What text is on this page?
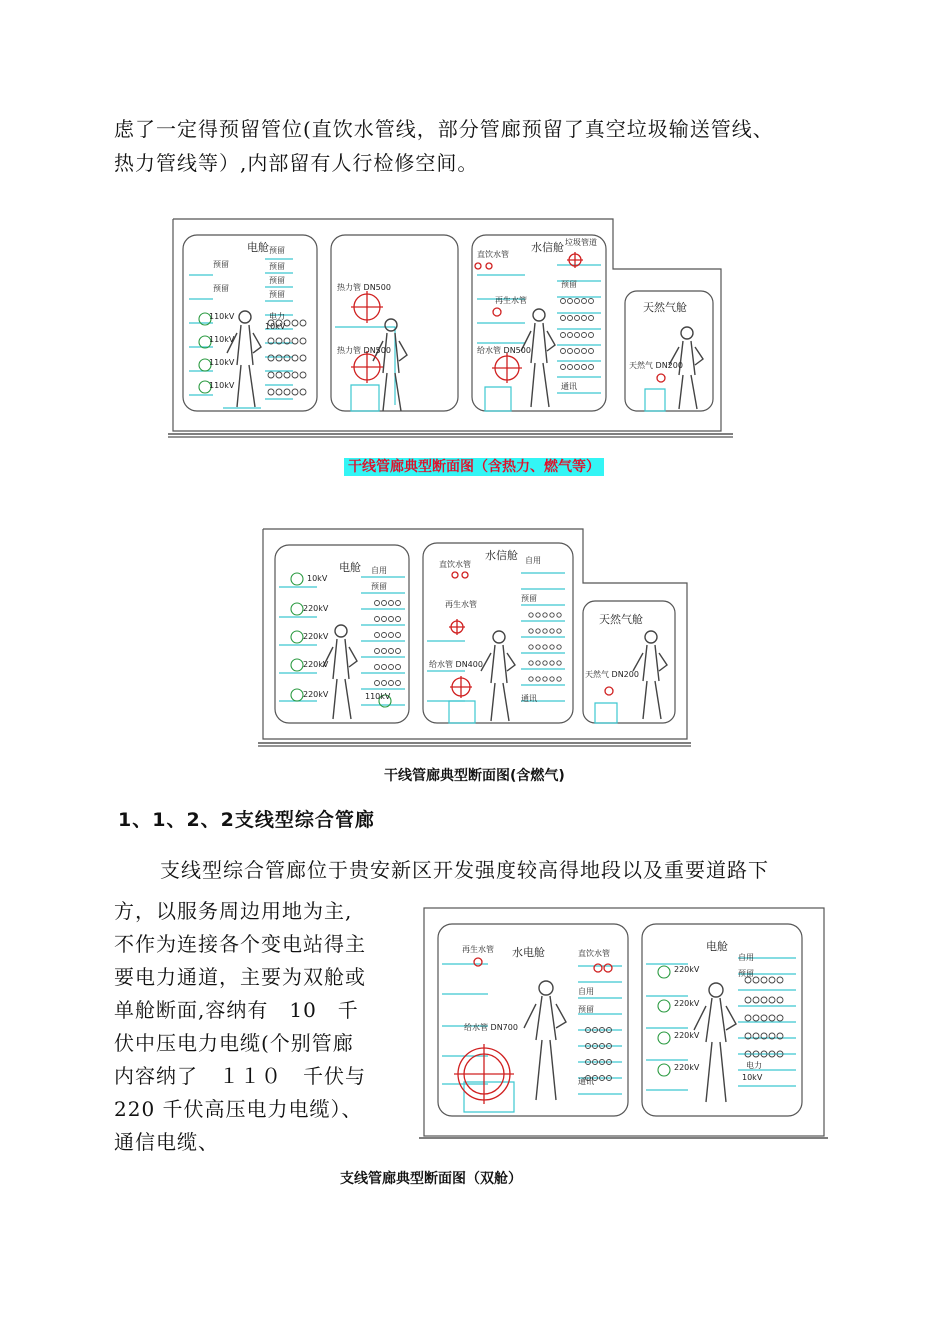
虑了一定得预留管位(直饮水管线，部分管廊预留了真空垃圾输送管线、
热力管线等）,内部留有人行检修空间。
电舱 预留
预留
预留
预留
预留
预留
电力
10kV
110kV
110kV
110kV
110kV
热力管 DN500
热力管 DN500
水信舱
直饮水管
垃圾管道
预留
再生水管
给水管 DN500
通讯
天然气舱
天然气 DN200
干线管廊典型断面图（含热力、燃气等）
电舱 自用
预留
10kV
220kV
220kV
220kV
220kV	110kV
水信舱
直饮水管	自用
预留
再生水管
给水管 DN400
通讯
天然气舱
天然气 DN200
干线管廊典型断面图(含燃气)
1、1、2、2支线型综合管廊
支线型综合管廊位于贵安新区开发强度较高得地段以及重要道路下
方，以服务周边用地为主,
不作为连接各个变电站得主
要电力通道，主要为双舱或
单舱断面,容纳有　10　千
伏中压电力电缆(个别管廊
内容纳了　１１０　千伏与
220 千伏高压电力电缆）、
通信电缆、
水电舱
再生水管	直饮水管
自用
预留
给水管 DN700
通讯
电舱
自用
预留
220kV
220kV
220kV
220kV	电力
10kV
支线管廊典型断面图（双舱）
